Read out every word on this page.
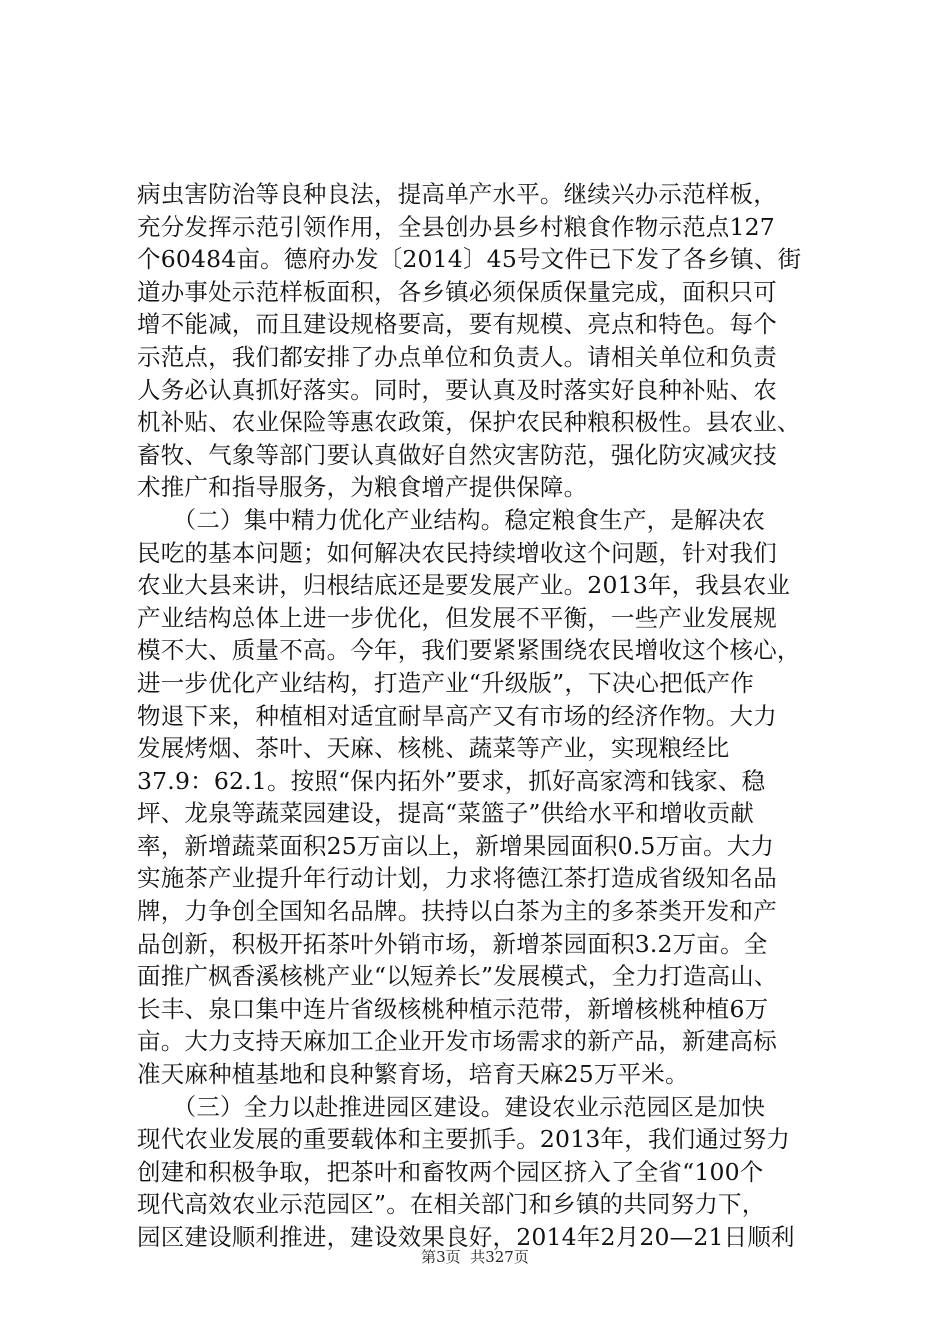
病虫害防治等良种良法，提高单产水平。继续兴办示范样板，
充分发挥示范引领作用，全县创办县乡村粮食作物示范点127
个60484亩。德府办发〔2014〕45号文件已下发了各乡镇、街
道办事处示范样板面积，各乡镇必须保质保量完成，面积只可
增不能减，而且建设规格要高，要有规模、亮点和特色。每个
示范点，我们都安排了办点单位和负责人。请相关单位和负责
人务必认真抓好落实。同时，要认真及时落实好良种补贴、农
机补贴、农业保险等惠农政策，保护农民种粮积极性。县农业、
畜牧、气象等部门要认真做好自然灾害防范，强化防灾减灾技
术推广和指导服务，为粮食增产提供保障。
　　（二）集中精力优化产业结构。稳定粮食生产，是解决农
民吃的基本问题；如何解决农民持续增收这个问题，针对我们
农业大县来讲，归根结底还是要发展产业。2013年，我县农业
产业结构总体上进一步优化，但发展不平衡，一些产业发展规
模不大、质量不高。今年，我们要紧紧围绕农民增收这个核心，
进一步优化产业结构，打造产业“升级版”，下决心把低产作
物退下来，种植相对适宜耐旱高产又有市场的经济作物。大力
发展烤烟、茶叶、天麻、核桃、蔬菜等产业，实现粮经比
37.9：62.1。按照“保内拓外”要求，抓好高家湾和钱家、稳
坪、龙泉等蔬菜园建设，提高“菜篮子”供给水平和增收贡献
率，新增蔬菜面积25万亩以上，新增果园面积0.5万亩。大力
实施茶产业提升年行动计划，力求将德江茶打造成省级知名品
牌，力争创全国知名品牌。扶持以白茶为主的多茶类开发和产
品创新，积极开拓茶叶外销市场，新增茶园面积3.2万亩。全
面推广枫香溪核桃产业“以短养长”发展模式，全力打造高山、
长丰、泉口集中连片省级核桃种植示范带，新增核桃种植6万
亩。大力支持天麻加工企业开发市场需求的新产品，新建高标
准天麻种植基地和良种繁育场，培育天麻25万平米。
　　（三）全力以赴推进园区建设。建设农业示范园区是加快
现代农业发展的重要载体和主要抓手。2013年，我们通过努力
创建和积极争取，把茶叶和畜牧两个园区挤入了全省“100个
现代高效农业示范园区”。在相关部门和乡镇的共同努力下，
园区建设顺利推进，建设效果良好，2014年2月20—21日顺利
第3页  共327页
